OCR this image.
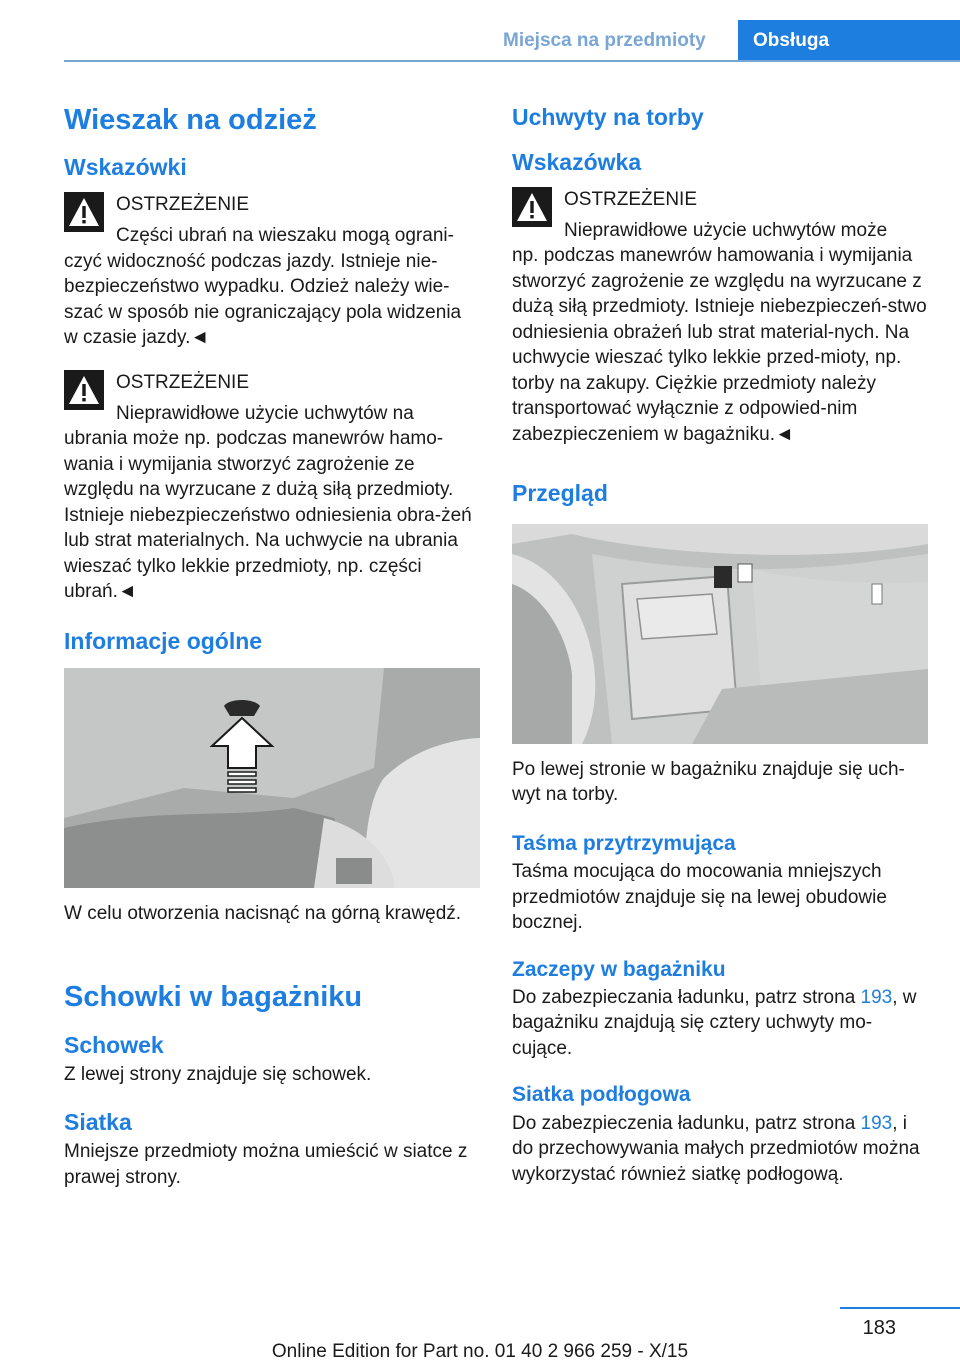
Miejsca na przedmioty	Obsługa
Wieszak na odzież
Wskazówki
OSTRZEŻENIE
Części ubrań na wieszaku mogą ograni‐

czyć widoczność podczas jazdy. Istnieje nie‐bezpieczeństwo wypadku. Odzież należy wie‐szać w sposób nie ograniczający pola widzenia w czasie jazdy.◄

OSTRZEŻENIE
Nieprawidłowe użycie uchwytów na

ubrania może np. podczas manewrów hamo‐wania i wymijania stworzyć zagrożenie ze względu na wyrzucane z dużą siłą przedmioty. Istnieje niebezpieczeństwo odniesienia obra‐żeń lub strat materialnych. Na uchwycie na ubrania wieszać tylko lekkie przedmioty, np. części ubrań.◄

Informacje ogólne

W celu otworzenia nacisnąć na górną krawędź.

Schowki w bagażniku
Schowek

Z lewej strony znajduje się schowek.

Siatka

Mniejsze przedmioty można umieścić w siatce z prawej strony.

Uchwyty na torby
Wskazówka
OSTRZEŻENIE
Nieprawidłowe użycie uchwytów może

np. podczas manewrów hamowania i wymijania stworzyć zagrożenie ze względu na wyrzucane z dużą siłą przedmioty. Istnieje niebezpieczeń‐stwo odniesienia obrażeń lub strat material‐nych. Na uchwycie wieszać tylko lekkie przed‐mioty, np. torby na zakupy. Ciężkie przedmioty należy transportować wyłącznie z odpowied‐nim zabezpieczeniem w bagażniku.◄

Przegląd

Po lewej stronie w bagażniku znajduje się uch‐wyt na torby.

Taśma przytrzymująca

Taśma mocująca do mocowania mniejszych przedmiotów znajduje się na lewej obudowie bocznej.

Zaczepy w bagażniku

Do zabezpieczania ładunku, patrz strona 193, w bagażniku znajdują się cztery uchwyty mo‐cujące.

Siatka podłogowa

Do zabezpieczenia ładunku, patrz strona 193, i do przechowywania małych przedmiotów można wykorzystać również siatkę podłogową.

183
Online Edition for Part no. 01 40 2 966 259 - X/15
